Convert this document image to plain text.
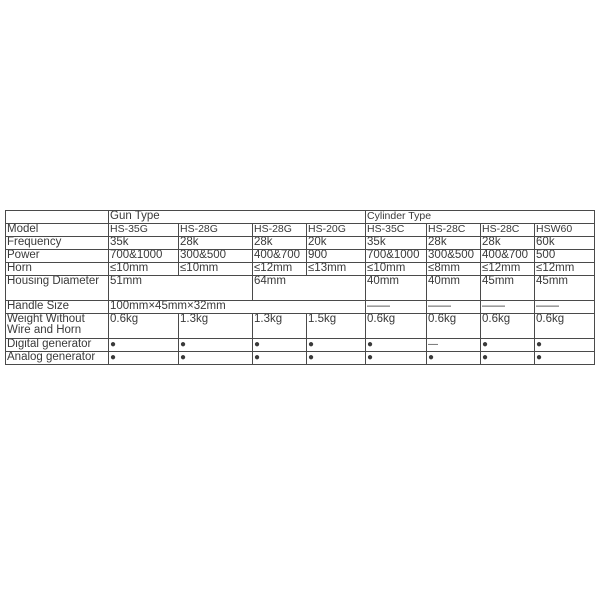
	Gun Type				Cylinder Type			
Model	HS-35G	HS-28G	HS-28G	HS-20G	HS-35C	HS-28C	HS-28C	HSW60
Frequency	35k	28k	28k	20k	35k	28k	28k	60k
Power	700&1000	300&500	400&700	900	700&1000	300&500	400&700	500
Horn	≤10mm	≤10mm	≤12mm	≤13mm	≤10mm	≤8mm	≤12mm	≤12mm
Housing Diameter	51mm		64mm		40mm	40mm	45mm	45mm
Handle Size	100mm×45mm×32mm				——	——	——	——
Weight Without Wire and Horn	0.6kg	1.3kg	1.3kg	1.5kg	0.6kg	0.6kg	0.6kg	0.6kg
Digital generator	●	●	●	●	●	—	●	●
Analog generator	●	●	●	●	●	●	●	●
